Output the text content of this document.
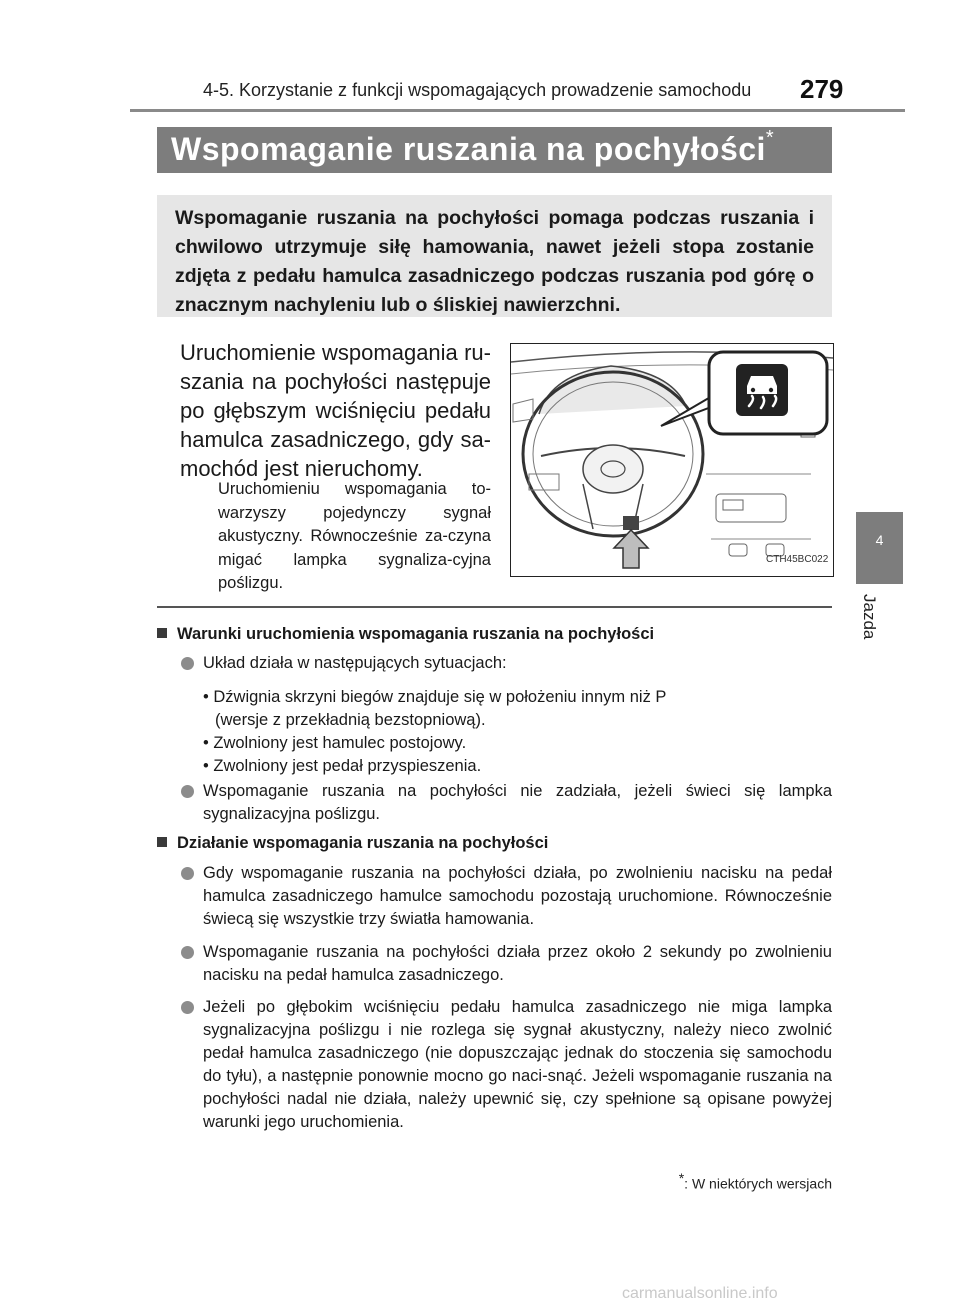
4-5. Korzystanie z funkcji wspomagających prowadzenie samochodu 279
Wspomaganie ruszania na pochyłości*

Wspomaganie ruszania na pochyłości pomaga podczas ruszania i chwilowo utrzymuje siłę hamowania, nawet jeżeli stopa zostanie zdjęta z pedału hamulca zasadniczego podczas ruszania pod górę o znacznym nachyleniu lub o śliskiej nawierzchni.

Uruchomienie wspomagania ru-szania na pochyłości następuje po głębszym wciśnięciu pedału hamulca zasadniczego, gdy sa-mochód jest nieruchomy.

Uruchomieniu wspomagania to-warzyszy pojedynczy sygnał akustyczny. Równocześnie za-czyna migać lampka sygnaliza-cyjna poślizgu.

CTH45BC022

Warunki uruchomienia wspomagania ruszania na pochyłości

Układ działa w następujących sytuacjach:

• Dźwignia skrzyni biegów znajduje się w położeniu innym niż P

(wersje z przekładnią bezstopniową).

• Zwolniony jest hamulec postojowy.

• Zwolniony jest pedał przyspieszenia.

Wspomaganie ruszania na pochyłości nie zadziała, jeżeli świeci się lampka sygnalizacyjna poślizgu.

Działanie wspomagania ruszania na pochyłości

Gdy wspomaganie ruszania na pochyłości działa, po zwolnieniu nacisku na pedał hamulca zasadniczego hamulce samochodu pozostają uruchomione. Równocześnie świecą się wszystkie trzy światła hamowania.

Wspomaganie ruszania na pochyłości działa przez około 2 sekundy po zwolnieniu nacisku na pedał hamulca zasadniczego.

Jeżeli po głębokim wciśnięciu pedału hamulca zasadniczego nie miga lampka sygnalizacyjna poślizgu i nie rozlega się sygnał akustyczny, należy nieco zwolnić pedał hamulca zasadniczego (nie dopuszczając jednak do stoczenia się samochodu do tyłu), a następnie ponownie mocno go naci-snąć. Jeżeli wspomaganie ruszania na pochyłości nadal nie działa, należy upewnić się, czy spełnione są opisane powyżej warunki jego uruchomienia.

*: W niektórych wersjach
4
Jazda
carmanualsonline.info
